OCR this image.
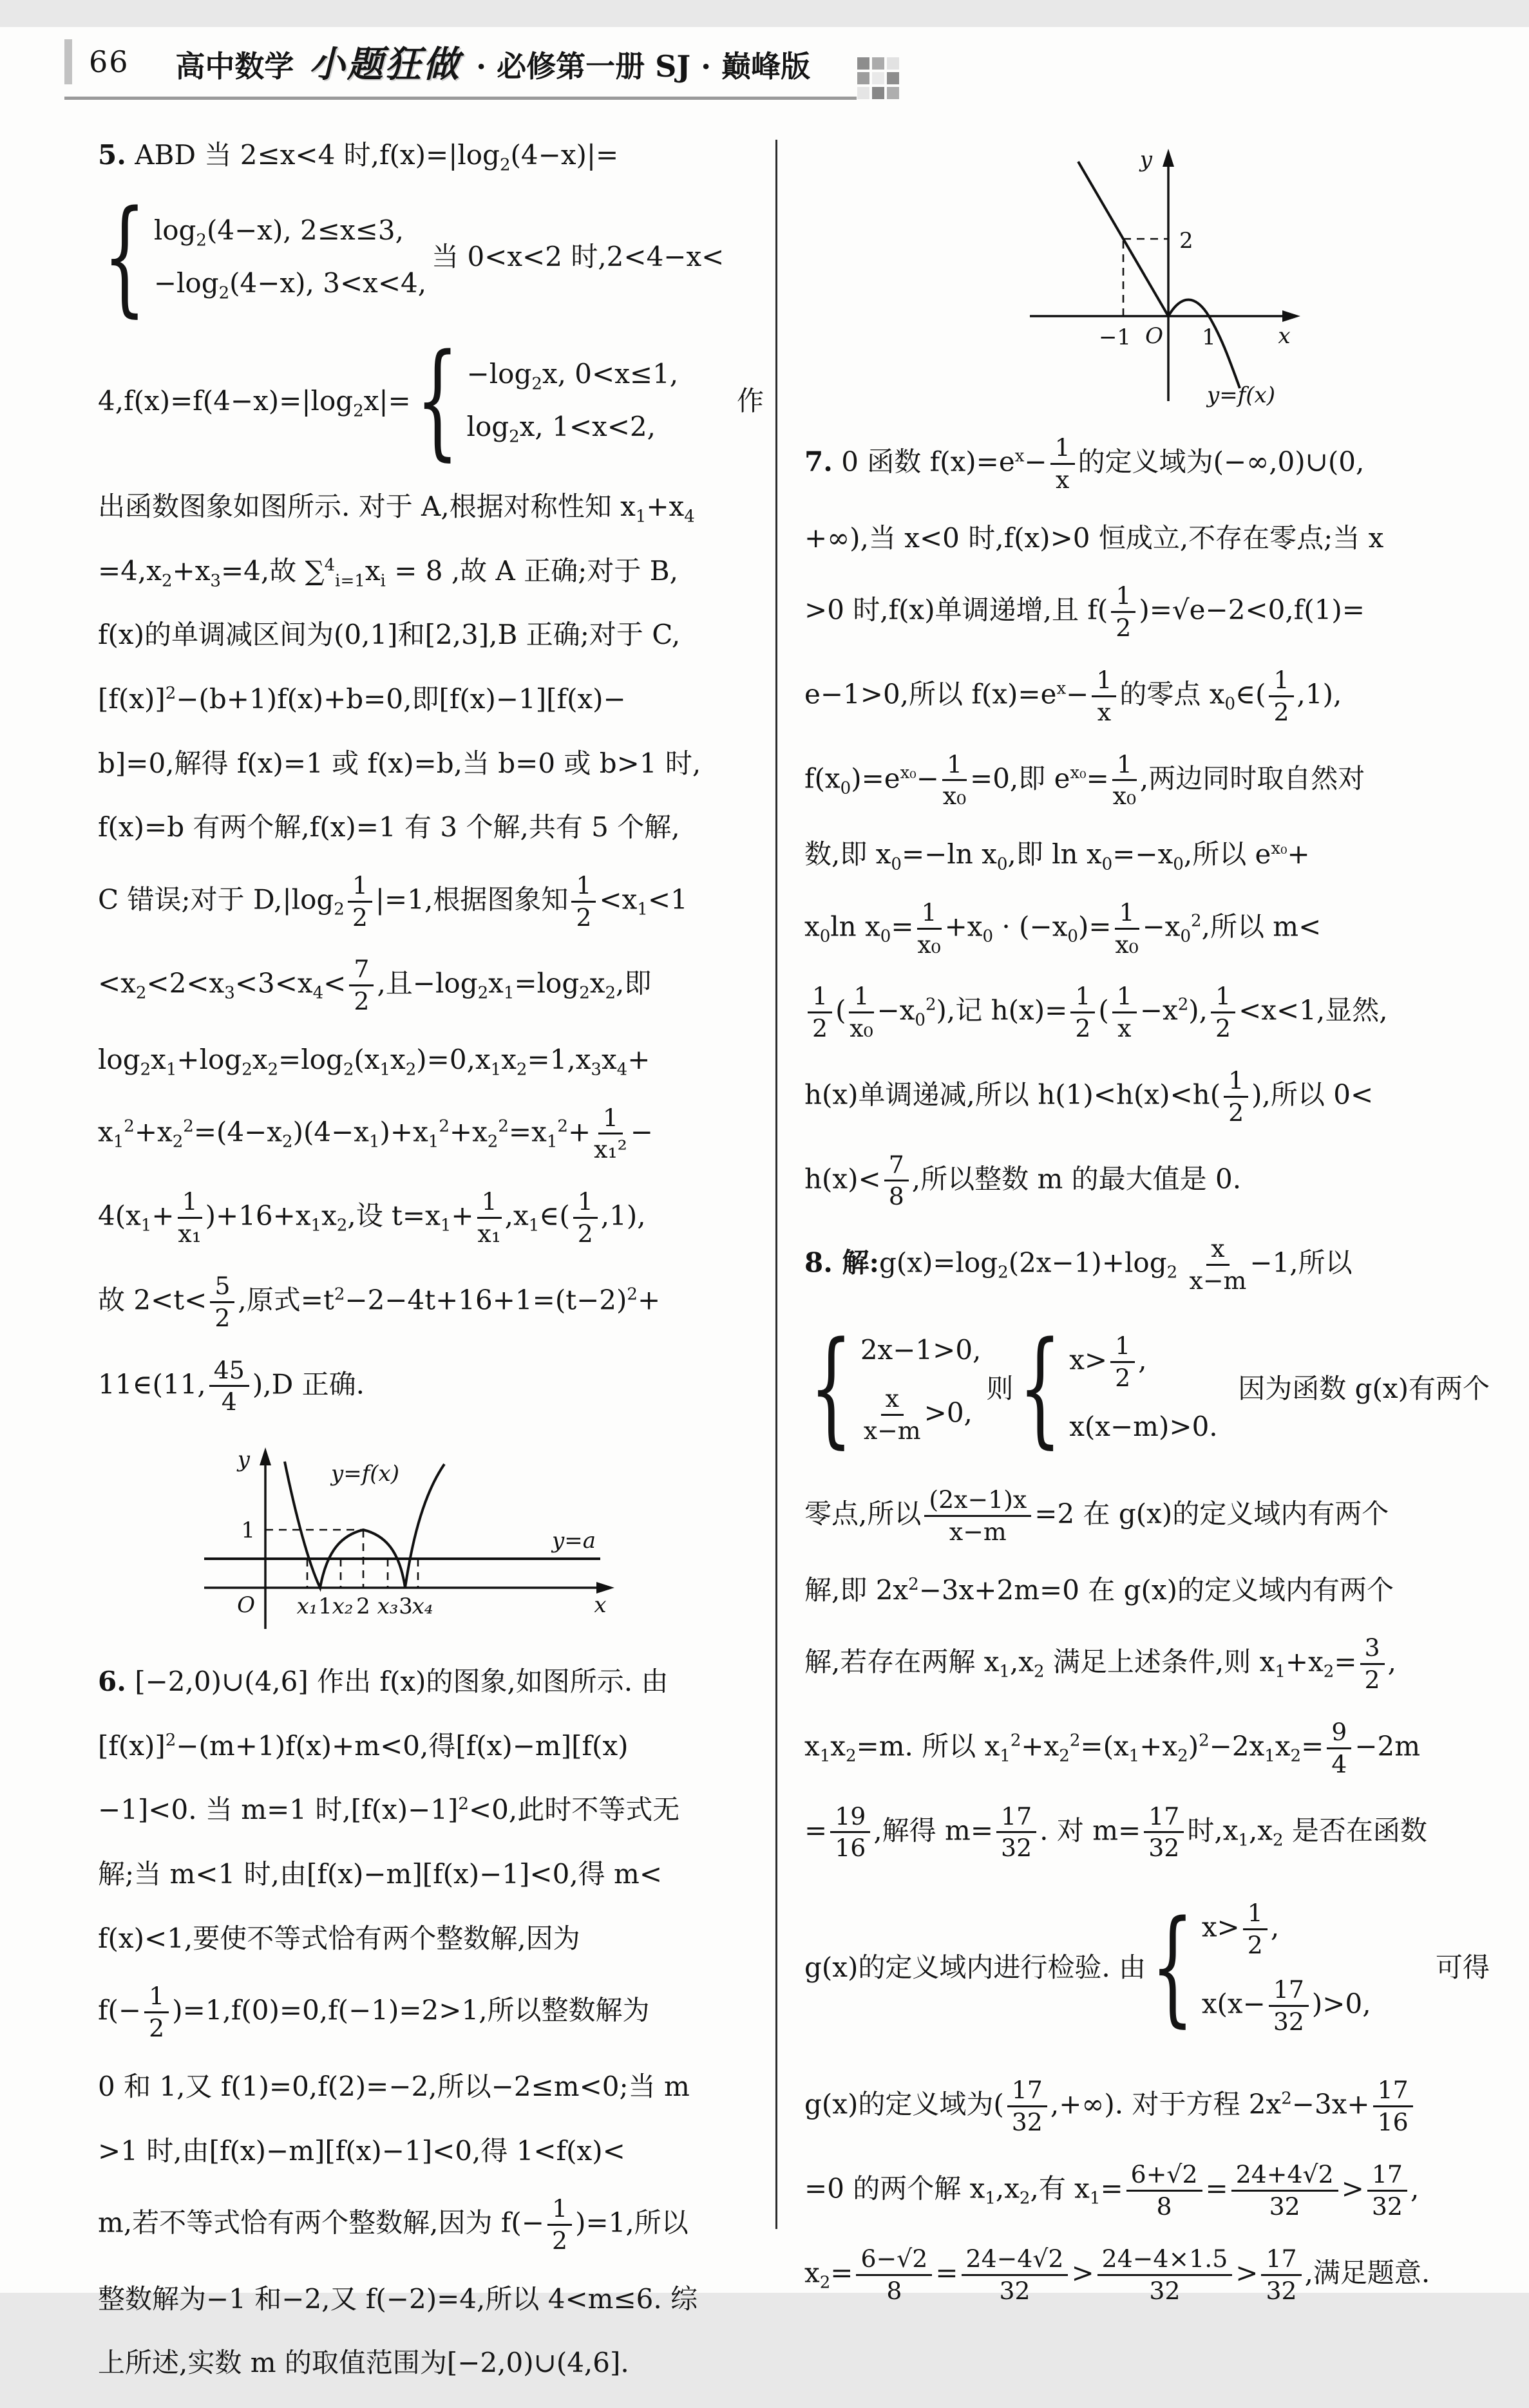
66 高中数学 小题狂做 · 必修第一册 SJ · 巅峰版
5. ABD 当 2≤x<4 时$,f(x)=|\log_2(4-x)|=$
{ $\log_2(4-x)$, 2≤x≤3,
$-\log_2(4-x)$, 3<x<4,
当 0<x<2 时,2<4−x<
$4,f(x)=f(4-x)=|\log_2x|=$ { $-\log_2x$, 0<x≤1,
$\log_2x$, 1<x<2,
作
出函数图象如图所示. 对于 A,根据对称性知 $x_1+x_4$
$=4,x_2+x_3=4$,故 $\sum^4_{i=1}x_i = 8$ ,故 A 正确;对于 B,
f(x)的单调减区间为(0,1]和[2,3],B 正确;对于 C,
$[f(x)]^2-(b+1)f(x)+b=0$,即[f(x)−1][f(x)−
b]=0,解得 f(x)=1 或 f(x)=b,当 b=0 或 b>1 时,
f(x)=b 有两个解,f(x)=1 有 3 个解,共有 5 个解,
C 错误;对于 $D,|\log_2 \frac{1}{2} |=1$,根据图象知 $\frac{1}{2} <x_1<1$
$<x_2<2<x_3<3<x_4< \frac{7}{2}$ ,且$-\log_2x_1=\log_2x_2$,即
$\log_2x_1+\log_2x_2=\log_2(x_1x_2)=0,x_1x_2=1,x_3x_4+$
$x_1^2+x_2^2=(4-x_2)(4-x_1)+x_1^2+x_2^2=x_1^2+ \frac{1}{\text{x₁²}}$ −
$4(x_1+ \frac{1}{\text{x₁}} )+16+x_1x_2$,设 $t=x_1+ \frac{1}{\text{x₁}}$ $,x_1\in( \frac{1}{2} ,1)$,
故 $2<t< \frac{5}{2}$ ,原式$=t^2-2-4t+16+1=(t-2)^2+$
11∈(11, $\frac{45}{4} ),D$ 正确.
y
1
O x₁ 1 x₂ 2 x₃ 3
x₄	x
y=f(x)
y=a
6. [−2,0)∪(4,6] 作出 f(x)的图象,如图所示. 由
$[f(x)]^2-(m+1)f(x)+m<0$,得[f(x)−m][f(x)
−1]<0. 当 m=1 时$,[f(x)-1]^2<0$,此时不等式无
解;当 m<1 时,由[f(x)−m][f(x)−1]<0,得 m<
f(x)<1,要使不等式恰有两个整数解,因为
$f(- \frac{1}{2} )=1,f(0)=0,f(-1)=2>1$,所以整数解为
0 和 1,又 f(1)=0,f(2)=−2,所以−2≤m<0;当 m
>1 时,由[f(x)−m][f(x)−1]<0,得 1<f(x)<
m,若不等式恰有两个整数解,因为 $f(- \frac{1}{2} )=1$,所以
整数解为−1 和−2,又 f(−2)=4,所以 4<m≤6. 综
上所述,实数 m 的取值范围为[−2,0)∪(4,6].
2
y
−1 O 1	x
y=f(x)
7. 0 函数 $f(x)=e^x- \frac{1}{x}$ 的定义域为(−∞,0)∪(0,
+∞),当 x<0 时,f(x)>0 恒成立,不存在零点;当 x
>0 时,f(x)单调递增,且 $f( \frac{1}{2} )=√e-2<0,f(1)=$
e−1>0,所以 $f(x)=e^x- \frac{1}{x}$ 的零点 $x_0\in( \frac{1}{2} ,1)$,
$f(x_0)=e^{x_0}- \frac{1}{\text{x₀}} =0$,即 $e^{x_0}= \frac{1}{\text{x₀}}$ ,两边同时取自然对
数,即 $x_0=-\ln$ $x_0$,即 $\ln x_0=-x_0$,所以 $e^{x_0}+$
$x_0\ln$ $x_0= \frac{1}{\text{x₀}} +x_0 \cdot (-x_0)= \frac{1}{\text{x₀}} -x_0^2$,所以 m<
$\frac{1}{2}$ ( $\frac{1}{\text{x₀}} -x_0^2$),记 $h(x)= \frac{1}{2}$ ( $\frac{1}{x} -x^2$), $\frac{1}{2} <x<1$,显然,
h(x)单调递减,所以 $h(1)<h(x)<h( \frac{1}{2}$ ),所以 0<
$h(x)< \frac{7}{8}$ ,所以整数 m 的最大值是 0.
8. 解$:g(x)=\log_2(2x-1)+\log_2 \frac{x}{x-m} -1$,所以
{ 2x−1>0,
$\frac{x}{x-m} >0$,
则 { $x> \frac{1}{2}$ ,
x(x−m)>0.
因为函数 g(x)有两个
零点,所以 $\frac{(2x-1)x}{x-m} =2$ 在 g(x)的定义域内有两个
解,即 $2x^2-3x+2m=0$ 在 g(x)的定义域内有两个
解,若存在两解 $x_1,x_2$ 满足上述条件,则 $x_1+x_2= \frac{3}{2}$ ,
$x_1x_2=m$. 所以 $x_1^2+x_2^2=(x_1+x_2)^2-2x_1x_2= \frac{9}{4} -2m$
= $\frac{19}{16}$ ,解得 $m= \frac{17}{32}$ . 对 $m= \frac{17}{32}$ 时$,x_1,x_2$ 是否在函数
g(x)的定义域内进行检验. 由 { $x> \frac{1}{2}$ ,
$x(x- \frac{17}{32} )>0$,
可得
g(x)的定义域为( $\frac{17}{32}$ ,+∞). 对于方程 $2x^2-3x+ \frac{17}{16}$
=0 的两个解 $x_1,x_2$,有 $x_1= \frac{6+√2}{8} = \frac{24+4√2}{32} > \frac{17}{32}$ ,
$x_2= \frac{6-√2}{8} = \frac{24-4√2}{32} > \frac{24-4\times 1.5}{32} > \frac{17}{32}$ ,满足题意.
